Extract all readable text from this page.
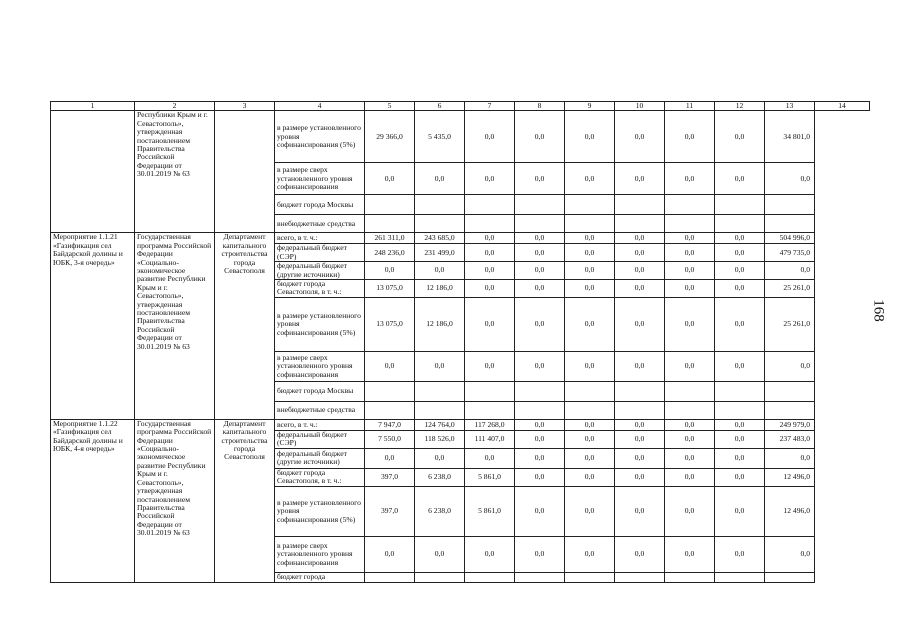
1	2	3	4	5	6	7	8	9	10	11	12	13	14
	Республики Крым и г. Севастополь», утвержденная постановлением Правительства Российской Федерации от 30.01.2019 № 63		в размере установленного уровня софинансирования (5%)	29 366,0	5 435,0	0,0	0,0	0,0	0,0	0,0	0,0	34 801,0	
			в размере сверх установленного уровня софинансирования	0,0	0,0	0,0	0,0	0,0	0,0	0,0	0,0	0,0	
			бюджет города Москвы										
			внебюджетные средства										
Мероприятие 1.1.21 «Газификация сел Байдарской долины и ЮБК, 3-я очередь»	Государственная программа Российской Федерации «Социально-экономическое развитие Республики Крым и г. Севастополь», утвержденная постановлением Правительства Российской Федерации от 30.01.2019 № 63	Департамент капитального строительства города Севастополя	всего, в т. ч.:	261 311,0	243 685,0	0,0	0,0	0,0	0,0	0,0	0,0	504 996,0	
			федеральный бюджет (СЭР)	248 236,0	231 499,0	0,0	0,0	0,0	0,0	0,0	0,0	479 735,0	
			федеральный бюджет (другие источники)	0,0	0,0	0,0	0,0	0,0	0,0	0,0	0,0	0,0	
			бюджет города Севастополя, в т. ч.:	13 075,0	12 186,0	0,0	0,0	0,0	0,0	0,0	0,0	25 261,0	
			в размере установленного уровня софинансирования (5%)	13 075,0	12 186,0	0,0	0,0	0,0	0,0	0,0	0,0	25 261,0	
			в размере сверх установленного уровня софинансирования	0,0	0,0	0,0	0,0	0,0	0,0	0,0	0,0	0,0	
			бюджет города Москвы										
			внебюджетные средства										
Мероприятие 1.1.22 «Газификация сел Байдарской долины и ЮБК, 4-я очередь»	Государственная программа Российской Федерации «Социально-экономическое развитие Республики Крым и г. Севастополь», утвержденная постановлением Правительства Российской Федерации от 30.01.2019 № 63	Департамент капитального строительства города Севастополя	всего, в т. ч.:	7 947,0	124 764,0	117 268,0	0,0	0,0	0,0	0,0	0,0	249 979,0	
			федеральный бюджет (СЭР)	7 550,0	118 526,0	111 407,0	0,0	0,0	0,0	0,0	0,0	237 483,0	
			федеральный бюджет (другие источники)	0,0	0,0	0,0	0,0	0,0	0,0	0,0	0,0	0,0	
			бюджет города Севастополя, в т. ч.:	397,0	6 238,0	5 861,0	0,0	0,0	0,0	0,0	0,0	12 496,0	
			в размере установленного уровня софинансирования (5%)	397,0	6 238,0	5 861,0	0,0	0,0	0,0	0,0	0,0	12 496,0	
			в размере сверх установленного уровня софинансирования	0,0	0,0	0,0	0,0	0,0	0,0	0,0	0,0	0,0	
			бюджет города										
168
